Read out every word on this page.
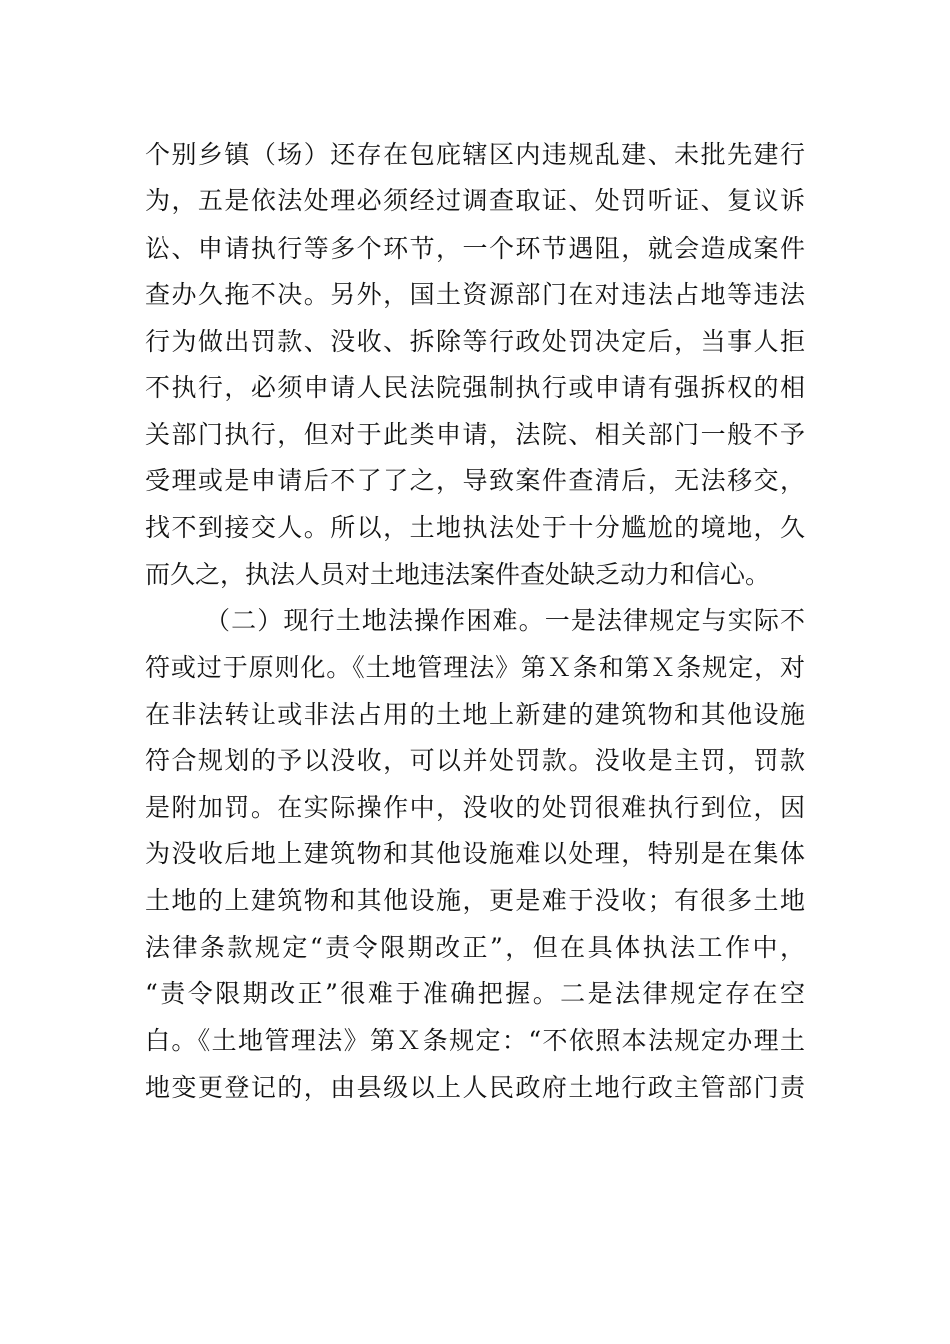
个别乡镇（场）还存在包庇辖区内违规乱建、未批先建行
为，五是依法处理必须经过调查取证、处罚听证、复议诉
讼、申请执行等多个环节，一个环节遇阻，就会造成案件
查办久拖不决。另外，国土资源部门在对违法占地等违法
行为做出罚款、没收、拆除等行政处罚决定后，当事人拒
不执行，必须申请人民法院强制执行或申请有强拆权的相
关部门执行，但对于此类申请，法院、相关部门一般不予
受理或是申请后不了了之，导致案件查清后，无法移交，
找不到接交人。所以，土地执法处于十分尴尬的境地，久
而久之，执法人员对土地违法案件查处缺乏动力和信心。
（二）现行土地法操作困难。一是法律规定与实际不
符或过于原则化。《土地管理法》第Ｘ条和第Ｘ条规定，对
在非法转让或非法占用的土地上新建的建筑物和其他设施
符合规划的予以没收，可以并处罚款。没收是主罚，罚款
是附加罚。在实际操作中，没收的处罚很难执行到位，因
为没收后地上建筑物和其他设施难以处理，特别是在集体
土地的上建筑物和其他设施，更是难于没收；有很多土地
法律条款规定“责令限期改正”，但在具体执法工作中，
“责令限期改正”很难于准确把握。二是法律规定存在空
白。《土地管理法》第Ｘ条规定：“不依照本法规定办理土
地变更登记的，由县级以上人民政府土地行政主管部门责
